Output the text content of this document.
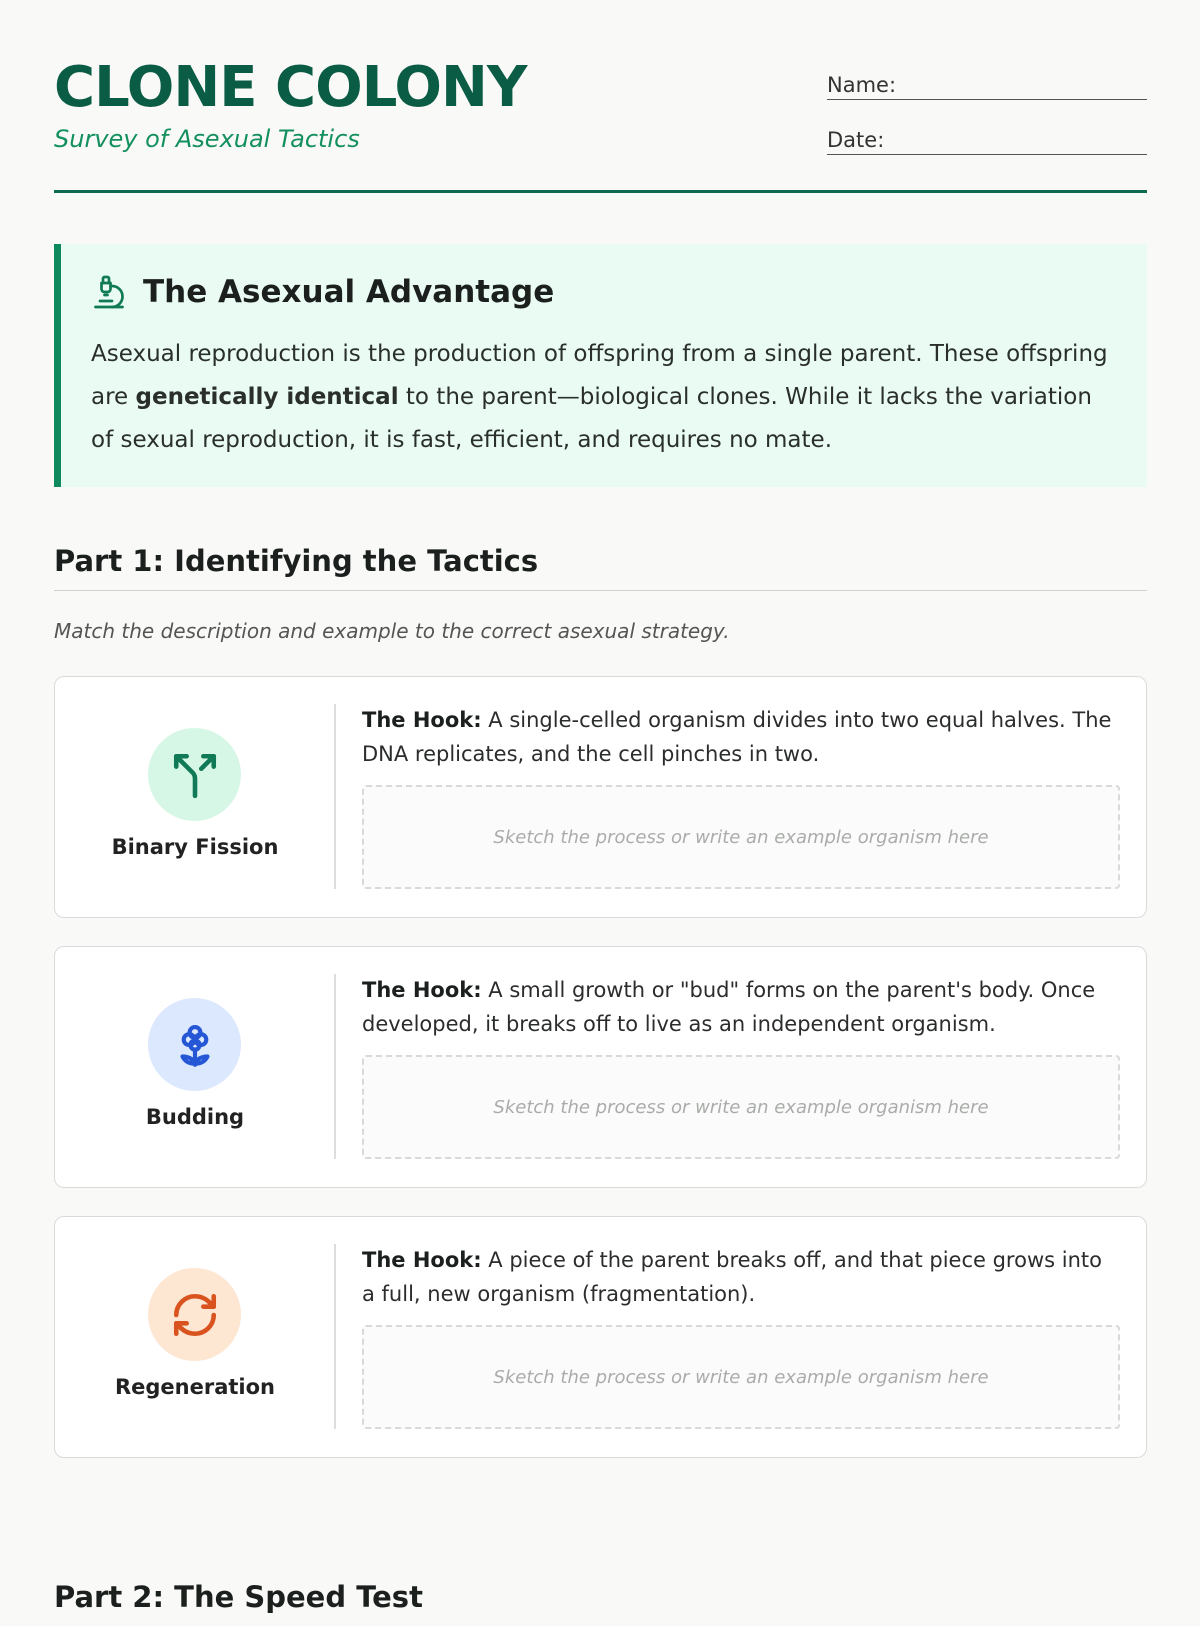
CLONE COLONY
Survey of Asexual Tactics
Name:
Date:
The Asexual Advantage
Asexual reproduction is the production of offspring from a single parent. These offspring are genetically identical to the parent—biological clones. While it lacks the variation of sexual reproduction, it is fast, efficient, and requires no mate.
Part 1: Identifying the Tactics
Match the description and example to the correct asexual strategy.
Binary Fission
The Hook: A single-celled organism divides into two equal halves. The DNA replicates, and the cell pinches in two.
Sketch the process or write an example organism here
Budding
The Hook: A small growth or "bud" forms on the parent's body. Once developed, it breaks off to live as an independent organism.
Sketch the process or write an example organism here
Regeneration
The Hook: A piece of the parent breaks off, and that piece grows into a full, new organism (fragmentation).
Sketch the process or write an example organism here
Part 2: The Speed Test
